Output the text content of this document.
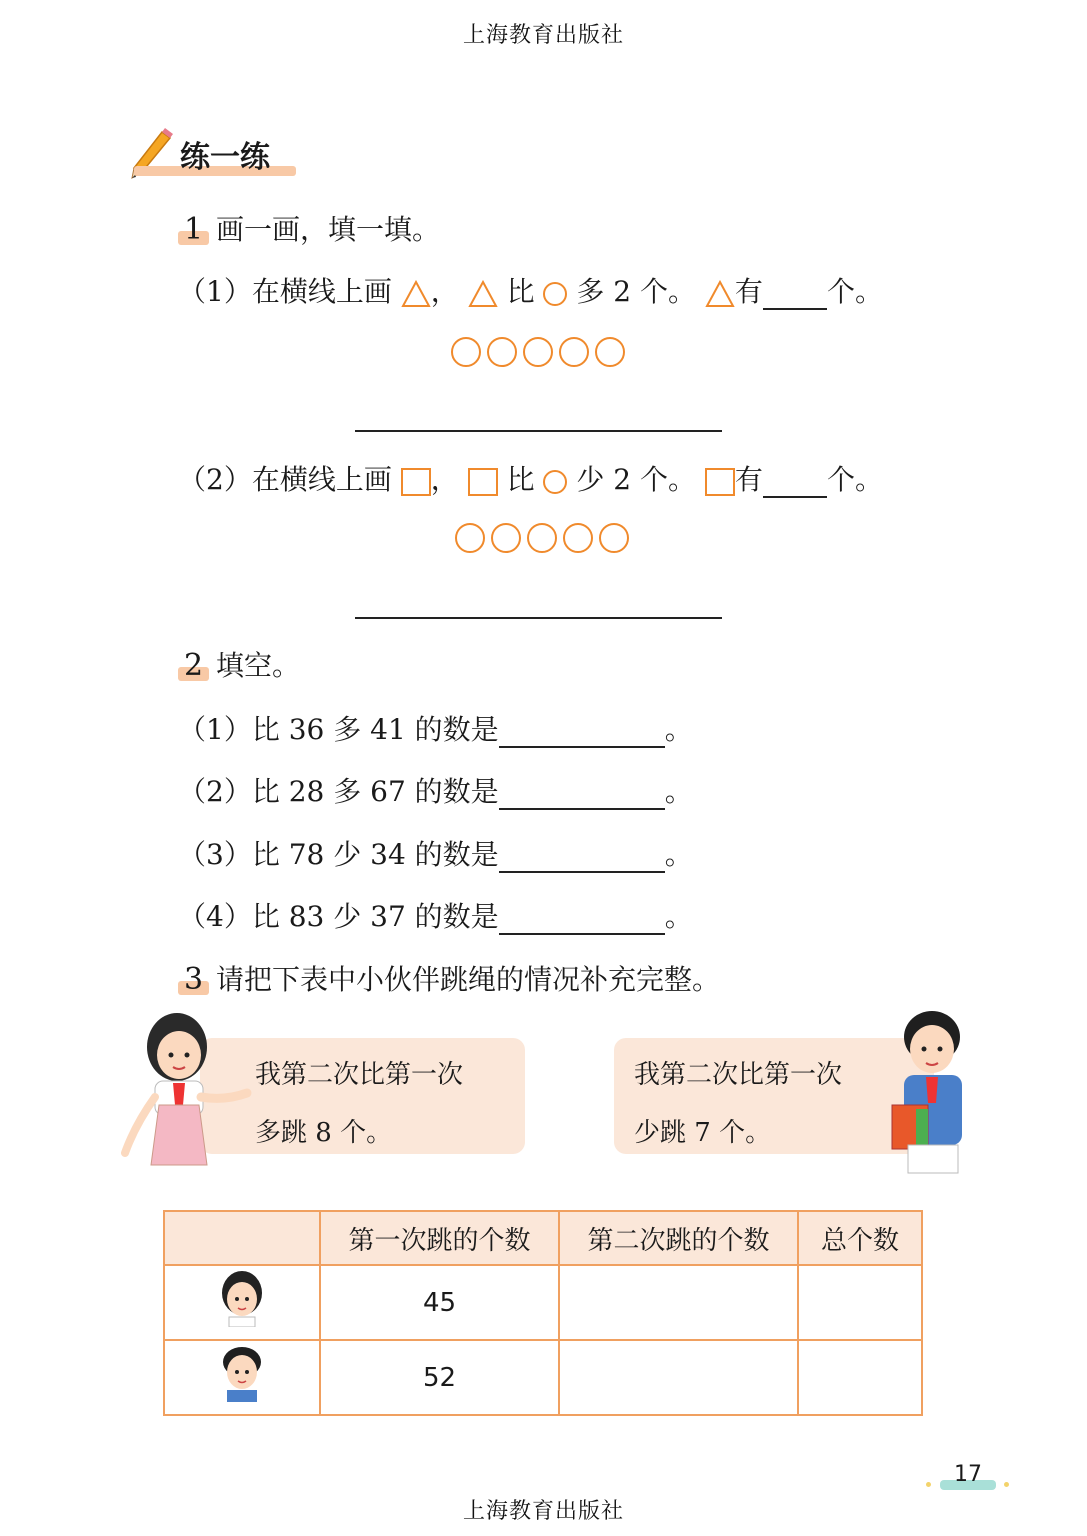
上海教育出版社
练一练
1 画一画，填一填。
（1）在横线上画 ， 比 多 2 个。 有 个。
（2）在横线上画 ， 比 少 2 个。 有 个。
2 填空。
（1）比 36 多 41 的数是	。
（2）比 28 多 67 的数是	。
（3）比 78 少 34 的数是	。
（4）比 83 少 37 的数是	。
3 请把下表中小伙伴跳绳的情况补充完整。
我第二次比第一次
多跳 8 个。
我第二次比第一次
少跳 7 个。
	第一次跳的个数	第二次跳的个数	总个数
	45		
	52		
17
上海教育出版社
